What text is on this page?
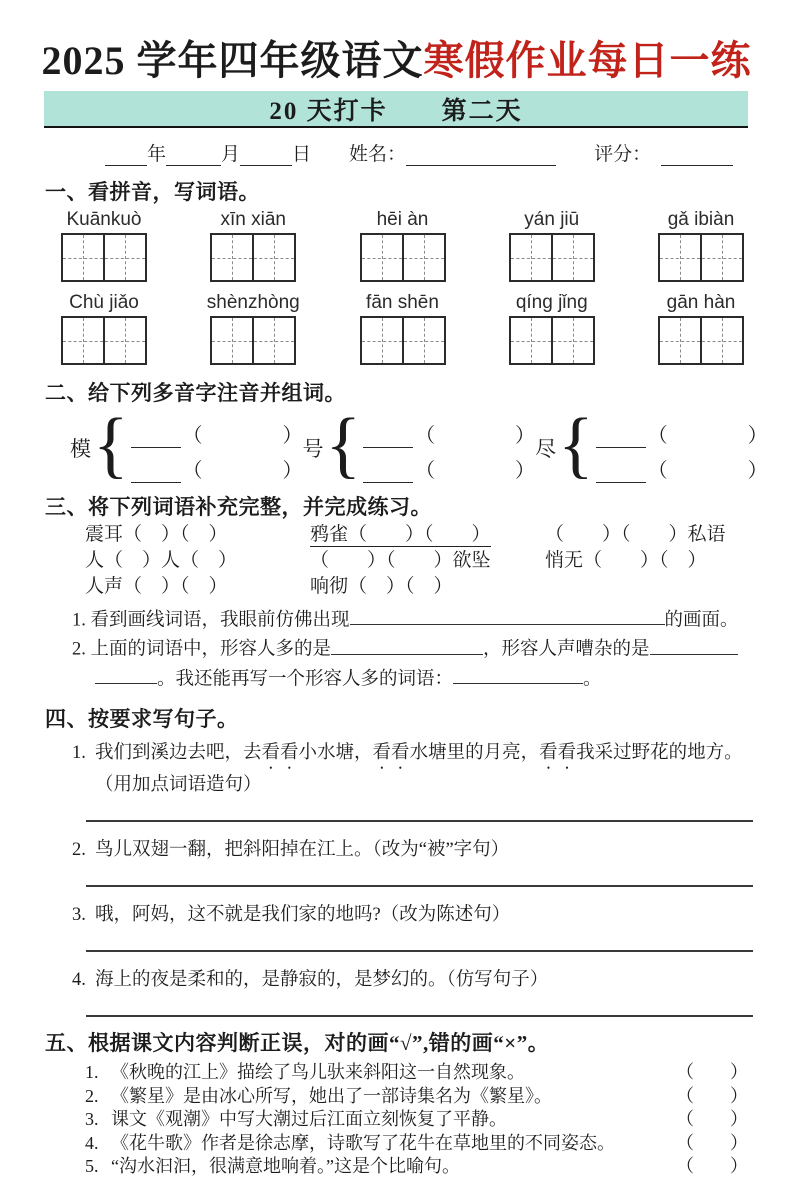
2025 学年四年级语文寒假作业每日一练
20 天打卡　　第二天
年	月	日 姓名：	评分：
一、看拼音，写词语。
Kuānkuò	xīn xiān	hēi àn	yán jiū	gǎ ibiàn
Chù jiǎo	shènzhòng	fān shēn	qíng jǐng	gān hàn
二、给下列多音字注音并组词。
模 {	（　　　　）
（　　　　）
号 {	（　　　　）
（　　　　）
尽 {	（　　　　）
（　　　　）
三、将下列词语补充完整，并完成练习。
震耳（　）（　）	鸦雀（　　）（　　）	（　　）（　　）私语
人（　）人（　）	（　　）（　　）欲坠	悄无（　　）（　）
人声（　）（　）	响彻（　）（　）
1. 看到画线词语，我眼前仿佛出现	的画面。
2. 上面的词语中，形容人多的是	，形容人声嘈杂的是
。我还能再写一个形容人多的词语：	。
四、按要求写句子。
1. 我们到溪边去吧，去看看小水塘，看看水塘里的月亮，看看我采过野花的地方。（用加点词语造句）
2. 鸟儿双翅一翻，把斜阳掉在江上。（改为“被”字句）
3. 哦，阿妈，这不就是我们家的地吗?（改为陈述句）
4. 海上的夜是柔和的，是静寂的，是梦幻的。（仿写句子）
五、根据课文内容判断正误，对的画“√”,错的画“×”。
1. 《秋晚的江上》描绘了鸟儿驮来斜阳这一自然现象。	（　　）
2. 《繁星》是由冰心所写，她出了一部诗集名为《繁星》。	（　　）
3. 课文《观潮》中写大潮过后江面立刻恢复了平静。	（　　）
4. 《花牛歌》作者是徐志摩，诗歌写了花牛在草地里的不同姿态。	（　　）
5. “沟水汩汩，很满意地响着。”这是个比喻句。	（　　）
